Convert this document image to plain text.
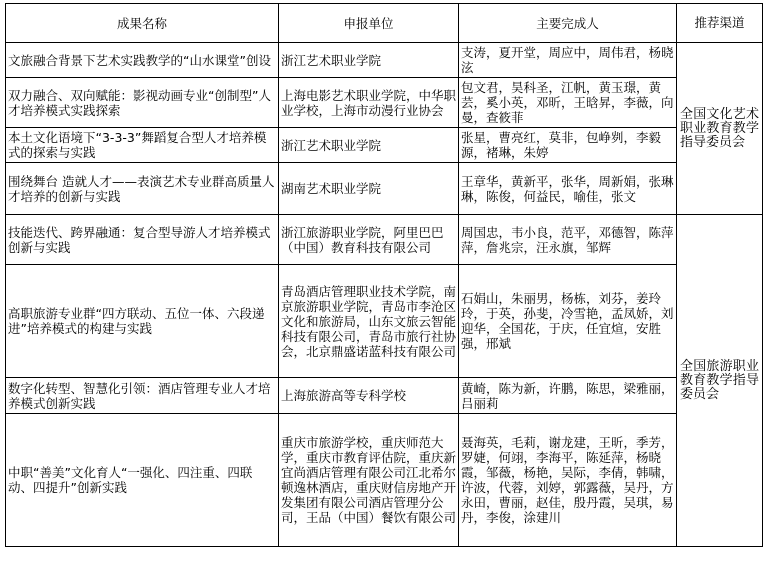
成果名称	申报单位	主要完成人	推荐渠道
文旅融合背景下艺术实践教学的“山水课堂”创设	浙江艺术职业学院	支涛，夏开堂，周应中，周伟君，杨晓泫	全国文化艺术职业教育教学指导委员会
双力融合、双向赋能：影视动画专业“创制型”人才培养模式实践探索	上海电影艺术职业学院，中华职业学校，上海市动漫行业协会	包文君，昊科圣，江帆，黄玉璟，黄芸，奚小英，邓昕，王晗昇，李薇，向曼，查筱菲	
本土文化语境下“3-3-3”舞蹈复合型人才培养模式的探索与实践	浙江艺术职业学院	张星，曹亮红，莫非，包峥刿，李毅源，褚琳，朱婷	
围绕舞台 造就人才——表演艺术专业群高质量人才培养的创新与实践	湖南艺术职业学院	王章华，黄新平，张华，周新娟，张琳琳，陈俊，何益民，喻佳，张文	
技能迭代、跨界融通：复合型导游人才培养模式创新与实践	浙江旅游职业学院，阿里巴巴（中国）教育科技有限公司	周国忠，韦小良，范平，邓德智，陈萍萍，詹兆宗，汪永旗，邹辉	全国旅游职业教育教学指导委员会
高职旅游专业群“四方联动、五位一体、六段递进”培养模式的构建与实践	青岛酒店管理职业技术学院，南京旅游职业学院，青岛市李沧区文化和旅游局，山东文旅云智能科技有限公司，青岛市旅行社协会，北京鼎盛诺蓝科技有限公司	石娟山，朱丽男，杨栋，刘芬，姜玲玲，于英，孙斐，冷雪艳，孟凤娇，刘迎华，全国花，于庆，任宜煊，安胜强，邢斌	
数字化转型、智慧化引领：酒店管理专业人才培养模式创新实践	上海旅游高等专科学校	黄崎，陈为新，许鹏，陈思，梁雅丽，吕丽莉	
中职“善美”文化育人“一强化、四注重、四联动、四提升”创新实践	重庆市旅游学校，重庆师范大学，重庆市教育评估院，重庆新宜尚酒店管理有限公司江北希尔顿逸林酒店，重庆财信房地产开发集团有限公司酒店管理分公司，王品（中国）餐饮有限公司	聂海英，毛莉，谢龙建，王昕，季芳，罗婕，何翊，李海平，陈延萍，杨晓霞，邹薇，杨艳，吴际，李倩，韩啸，许波，代蓉，刘婷，郭露薇，吴丹，方永田，曹丽，赵佳，殷丹霞，吴琪，易丹，李俊，涂建川	
